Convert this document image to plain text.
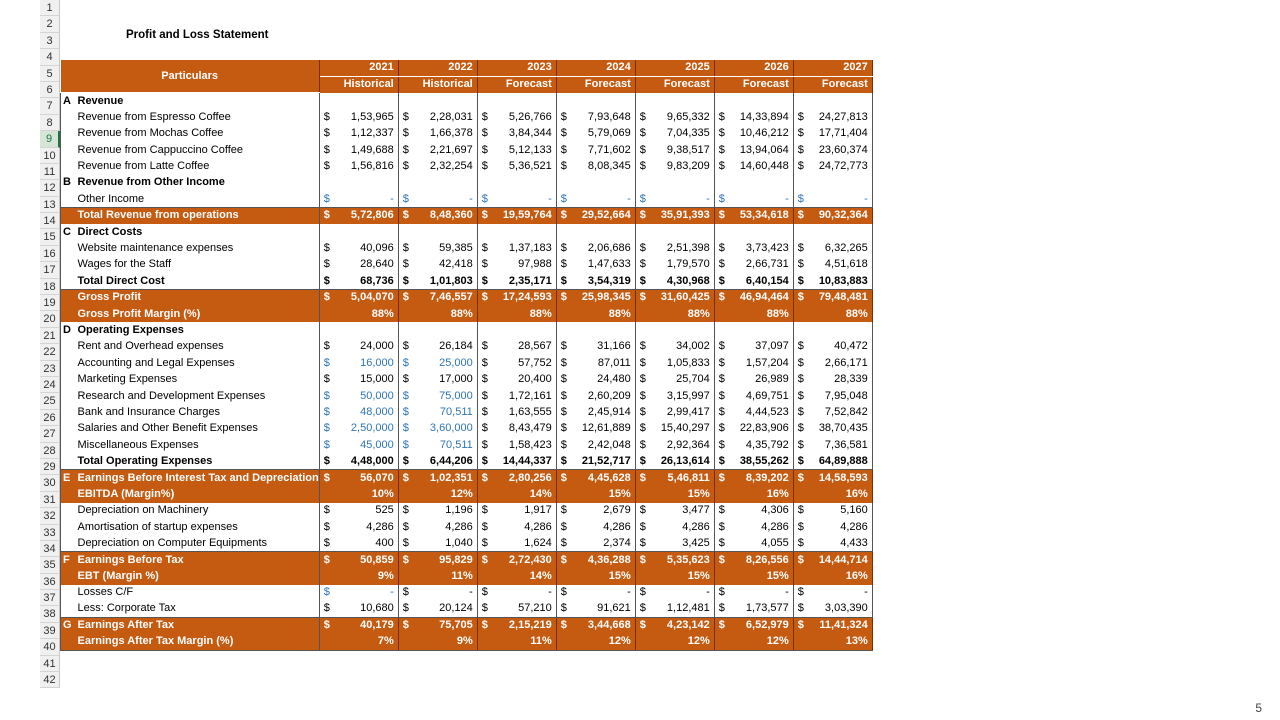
1
2
3
4
5
6
7
8
9
10
11
12
13
14
15
16
17
18
19
20
21
22
23
24
25
26
27
28
29
30
31
32
33
34
35
36
37
38
39
40
41
42
Profit and Loss Statement
Particulars		2021		2022		2023		2024		2025		2026		2027	
		Historical		Historical		Forecast		Forecast		Forecast		Forecast		Forecast	
A	Revenue														
	Revenue from Espresso Coffee	$	1,53,965	$	2,28,031	$	5,26,766	$	7,93,648	$	9,65,332	$	14,33,894	$	24,27,813
	Revenue from Mochas Coffee	$	1,12,337	$	1,66,378	$	3,84,344	$	5,79,069	$	7,04,335	$	10,46,212	$	17,71,404
	Revenue from Cappuccino Coffee	$	1,49,688	$	2,21,697	$	5,12,133	$	7,71,602	$	9,38,517	$	13,94,064	$	23,60,374
	Revenue from Latte Coffee	$	1,56,816	$	2,32,254	$	5,36,521	$	8,08,345	$	9,83,209	$	14,60,448	$	24,72,773
B	Revenue from Other Income														
	Other Income	$	-	$	-	$	-	$	-	$	-	$	-	$	-
	Total Revenue from operations	$	5,72,806	$	8,48,360	$	19,59,764	$	29,52,664	$	35,91,393	$	53,34,618	$	90,32,364
C	Direct Costs														
	Website maintenance expenses	$	40,096	$	59,385	$	1,37,183	$	2,06,686	$	2,51,398	$	3,73,423	$	6,32,265
	Wages for the Staff	$	28,640	$	42,418	$	97,988	$	1,47,633	$	1,79,570	$	2,66,731	$	4,51,618
	Total Direct Cost	$	68,736	$	1,01,803	$	2,35,171	$	3,54,319	$	4,30,968	$	6,40,154	$	10,83,883
	Gross Profit	$	5,04,070	$	7,46,557	$	17,24,593	$	25,98,345	$	31,60,425	$	46,94,464	$	79,48,481
	Gross Profit Margin (%)		88%		88%		88%		88%		88%		88%		88%
D	Operating Expenses														
	Rent and Overhead expenses	$	24,000	$	26,184	$	28,567	$	31,166	$	34,002	$	37,097	$	40,472
	Accounting and Legal Expenses	$	16,000	$	25,000	$	57,752	$	87,011	$	1,05,833	$	1,57,204	$	2,66,171
	Marketing Expenses	$	15,000	$	17,000	$	20,400	$	24,480	$	25,704	$	26,989	$	28,339
	Research and Development Expenses	$	50,000	$	75,000	$	1,72,161	$	2,60,209	$	3,15,997	$	4,69,751	$	7,95,048
	Bank and Insurance Charges	$	48,000	$	70,511	$	1,63,555	$	2,45,914	$	2,99,417	$	4,44,523	$	7,52,842
	Salaries and Other Benefit Expenses	$	2,50,000	$	3,60,000	$	8,43,479	$	12,61,889	$	15,40,297	$	22,83,906	$	38,70,435
	Miscellaneous Expenses	$	45,000	$	70,511	$	1,58,423	$	2,42,048	$	2,92,364	$	4,35,792	$	7,36,581
	Total Operating Expenses	$	4,48,000	$	6,44,206	$	14,44,337	$	21,52,717	$	26,13,614	$	38,55,262	$	64,89,888
E	Earnings Before Interest Tax and Depreciation	$	56,070	$	1,02,351	$	2,80,256	$	4,45,628	$	5,46,811	$	8,39,202	$	14,58,593
	EBITDA (Margin%)		10%		12%		14%		15%		15%		16%		16%
	Depreciation on Machinery	$	525	$	1,196	$	1,917	$	2,679	$	3,477	$	4,306	$	5,160
	Amortisation of startup expenses	$	4,286	$	4,286	$	4,286	$	4,286	$	4,286	$	4,286	$	4,286
	Depreciation on Computer Equipments	$	400	$	1,040	$	1,624	$	2,374	$	3,425	$	4,055	$	4,433
F	Earnings Before Tax	$	50,859	$	95,829	$	2,72,430	$	4,36,288	$	5,35,623	$	8,26,556	$	14,44,714
	EBT (Margin %)		9%		11%		14%		15%		15%		15%		16%
	Losses C/F	$	-	$	-	$	-	$	-	$	-	$	-	$	-
	Less: Corporate Tax	$	10,680	$	20,124	$	57,210	$	91,621	$	1,12,481	$	1,73,577	$	3,03,390
G	Earnings After Tax	$	40,179	$	75,705	$	2,15,219	$	3,44,668	$	4,23,142	$	6,52,979	$	11,41,324
	Earnings After Tax Margin (%)		7%		9%		11%		12%		12%		12%		13%
5
